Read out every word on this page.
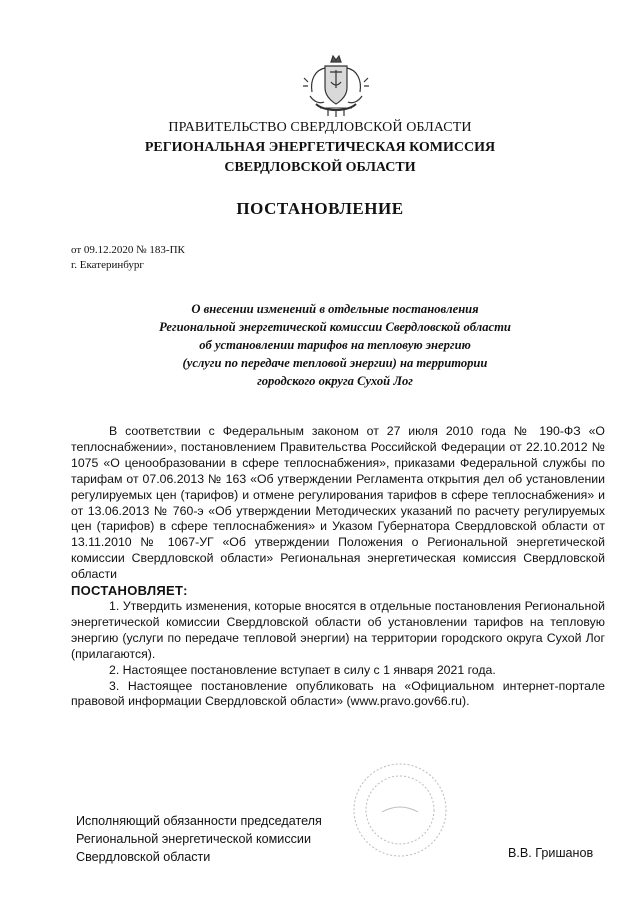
ПРАВИТЕЛЬСТВО СВЕРДЛОВСКОЙ ОБЛАСТИ
РЕГИОНАЛЬНАЯ ЭНЕРГЕТИЧЕСКАЯ КОМИССИЯ
СВЕРДЛОВСКОЙ ОБЛАСТИ
ПОСТАНОВЛЕНИЕ
от 09.12.2020 № 183-ПК
г. Екатеринбург
О внесении изменений в отдельные постановления
Региональной энергетической комиссии Свердловской области
об установлении тарифов на тепловую энергию
(услуги по передаче тепловой энергии) на территории
городского округа Сухой Лог

В соответствии с Федеральным законом от 27 июля 2010 года № 190-ФЗ «О теплоснабжении», постановлением Правительства Российской Федерации от 22.10.2012 № 1075 «О ценообразовании в сфере теплоснабжения», приказами Федеральной службы по тарифам от 07.06.2013 № 163 «Об утверждении Регламента открытия дел об установлении регулируемых цен (тарифов) и отмене регулирования тарифов в сфере теплоснабжения» и от 13.06.2013 № 760-э «Об утверждении Методических указаний по расчету регулируемых цен (тарифов) в сфере теплоснабжения» и Указом Губернатора Свердловской области от 13.11.2010 № 1067-УГ «Об утверждении Положения о Региональной энергетической комиссии Свердловской области» Региональная энергетическая комиссия Свердловской области

ПОСТАНОВЛЯЕТ:

1. Утвердить изменения, которые вносятся в отдельные постановления Региональной энергетической комиссии Свердловской области об установлении тарифов на тепловую энергию (услуги по передаче тепловой энергии) на территории городского округа Сухой Лог (прилагаются).

2. Настоящее постановление вступает в силу с 1 января 2021 года.

3. Настоящее постановление опубликовать на «Официальном интернет-портале правовой информации Свердловской области» (www.pravo.gov66.ru).

Исполняющий обязанности председателя
Региональной энергетической комиссии
Свердловской области	В.В. Гришанов
